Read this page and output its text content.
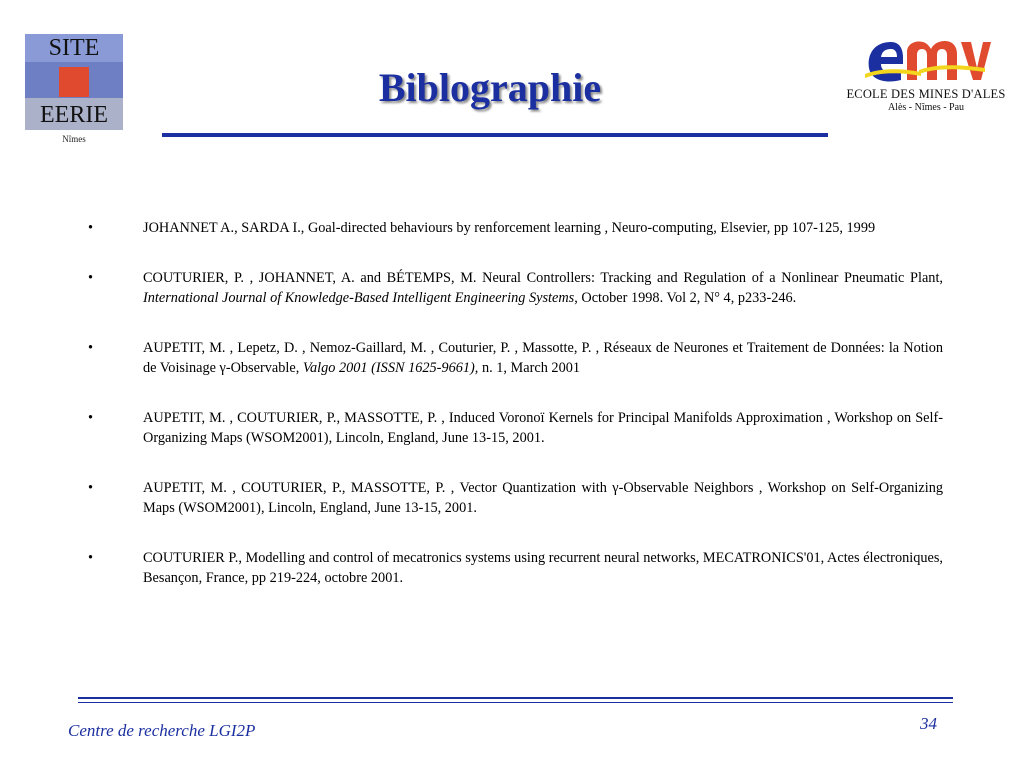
SITE
EERIE
Nîmes
Biblographie	ECOLE DES MINES D'ALES
Alès - Nîmes - Pau
•	JOHANNET A., SARDA I., Goal-directed behaviours by renforcement learning , Neuro-computing, Elsevier, pp 107-125, 1999
•	COUTURIER, P. , JOHANNET, A. and BÉTEMPS, M. Neural Controllers: Tracking and Regulation of a Nonlinear Pneumatic Plant, International Journal of Knowledge-Based Intelligent Engineering Systems, October 1998. Vol 2, N° 4, p233-246.
•	AUPETIT, M. , Lepetz, D. , Nemoz-Gaillard, M. , Couturier, P. , Massotte, P. , Réseaux de Neurones et Traitement de Données: la Notion de Voisinage γ-Observable, Valgo 2001 (ISSN 1625-9661), n. 1, March 2001
•	AUPETIT, M. , COUTURIER, P., MASSOTTE, P. , Induced Voronoï Kernels for Principal Manifolds Approximation , Workshop on Self-Organizing Maps (WSOM2001), Lincoln, England, June 13-15, 2001.
•	AUPETIT, M. , COUTURIER, P., MASSOTTE, P. , Vector Quantization with γ-Observable Neighbors , Workshop on Self-Organizing Maps (WSOM2001), Lincoln, England, June 13-15, 2001.
•	COUTURIER P., Modelling and control of mecatronics systems using recurrent neural networks, MECATRONICS'01, Actes électroniques, Besançon, France, pp 219-224, octobre 2001.
Centre de recherche LGI2P	34
